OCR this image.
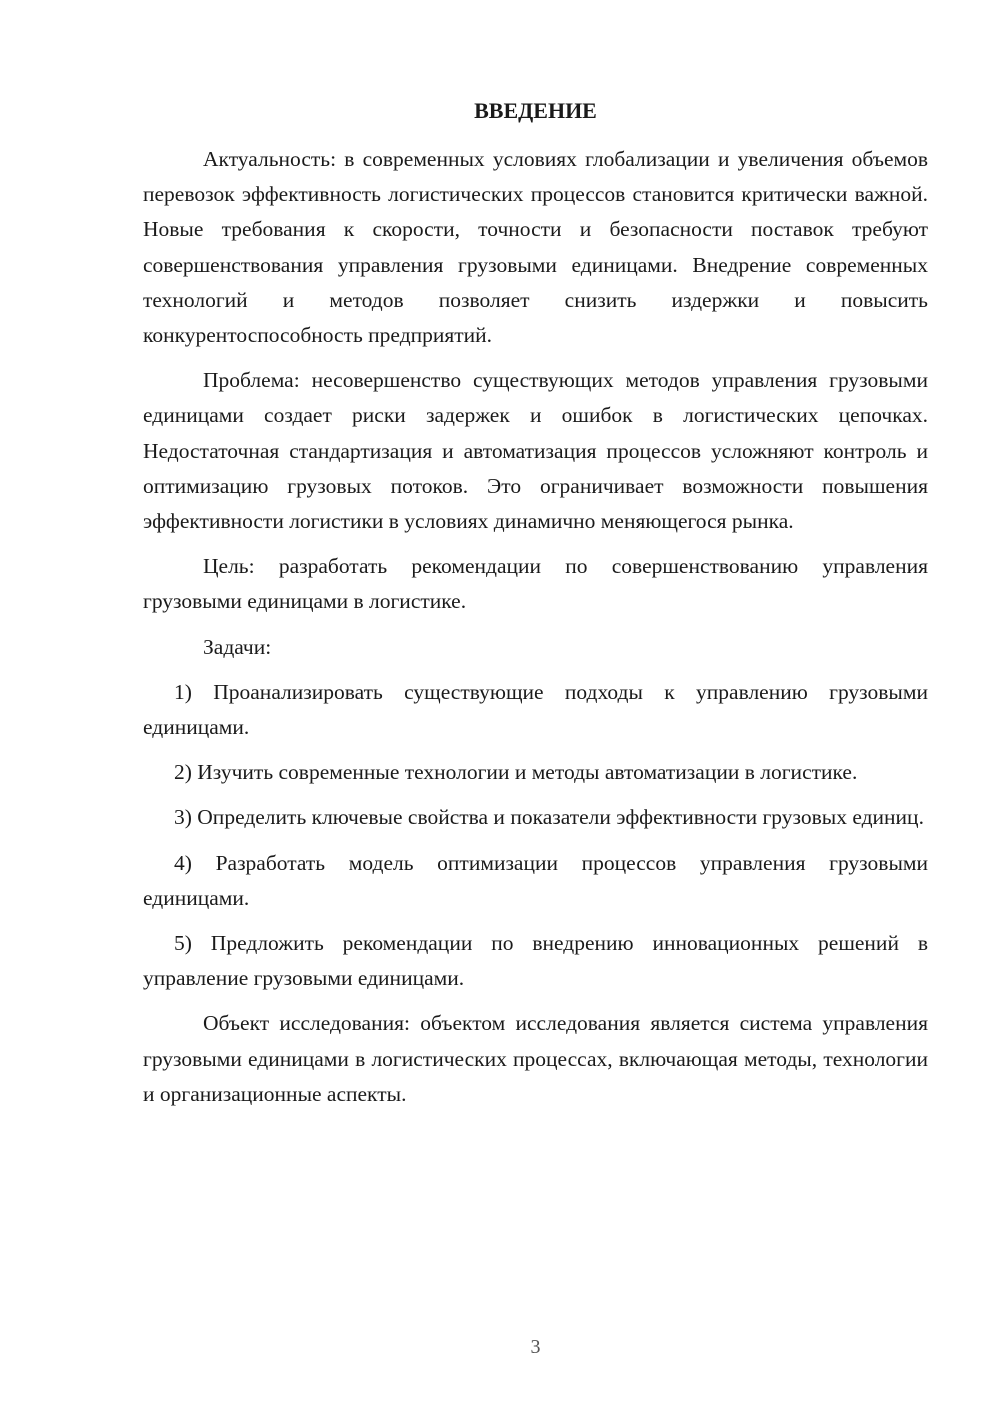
ВВЕДЕНИЕ

Актуальность: в современных условиях глобализации и увеличения объемов перевозок эффективность логистических процессов становится критически важной. Новые требования к скорости, точности и безопасности поставок требуют совершенствования управления грузовыми единицами. Внедрение современных технологий и методов позволяет снизить издержки и повысить конкурентоспособность предприятий.

Проблема: несовершенство существующих методов управления грузовыми единицами создает риски задержек и ошибок в логистических цепочках. Недостаточная стандартизация и автоматизация процессов усложняют контроль и оптимизацию грузовых потоков. Это ограничивает возможности повышения эффективности логистики в условиях динамично меняющегося рынка.

Цель: разработать рекомендации по совершенствованию управления грузовыми единицами в логистике.

Задачи:

1) Проанализировать существующие подходы к управлению грузовыми единицами.

2) Изучить современные технологии и методы автоматизации в логистике.

3) Определить ключевые свойства и показатели эффективности грузовых единиц.

4) Разработать модель оптимизации процессов управления грузовыми единицами.

5) Предложить рекомендации по внедрению инновационных решений в управление грузовыми единицами.

Объект исследования: объектом исследования является система управления грузовыми единицами в логистических процессах, включающая методы, технологии и организационные аспекты.

3
